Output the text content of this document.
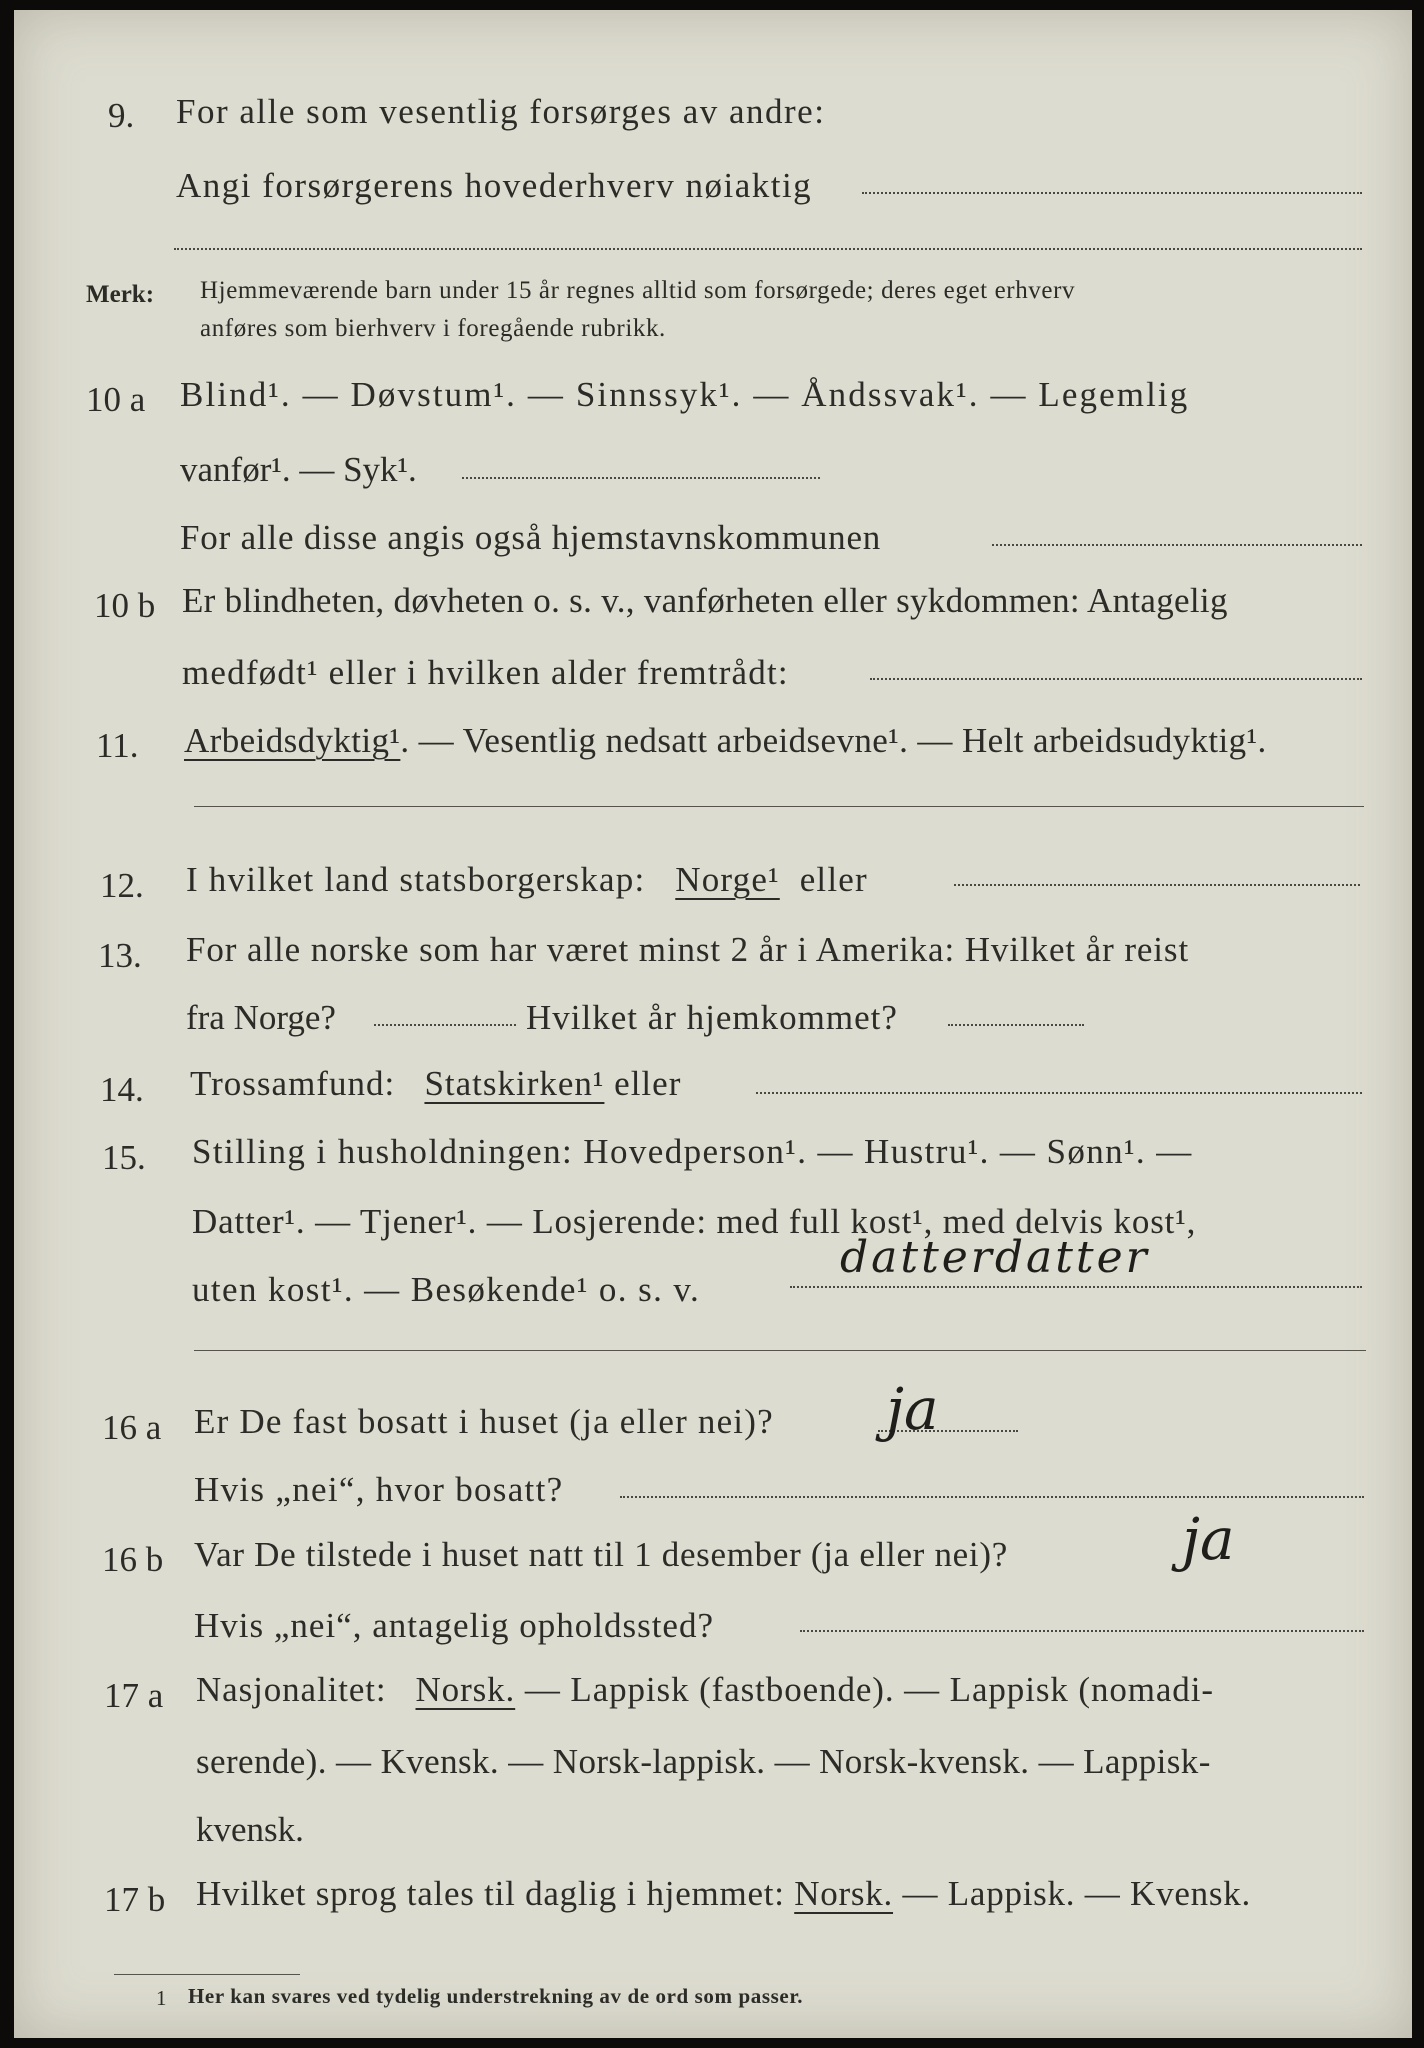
9. For alle som vesentlig forsørges av andre:
Angi forsørgerens hovederhverv nøiaktig
Merk: Hjemmeværende barn under 15 år regnes alltid som forsørgede; deres eget erhverv
anføres som bierhverv i foregående rubrikk.
10 a Blind¹. — Døvstum¹. — Sinnssyk¹. — Åndssvak¹. — Legemlig
vanfør¹. — Syk¹.
For alle disse angis også hjemstavnskommunen
10 b Er blindheten, døvheten o. s. v., vanførheten eller sykdommen: Antagelig
medfødt¹ eller i hvilken alder fremtrådt:
11. Arbeidsdyktig¹. — Vesentlig nedsatt arbeidsevne¹. — Helt arbeidsudyktig¹.
12. I hvilket land statsborgerskap: Norge¹ eller
13. For alle norske som har været minst 2 år i Amerika: Hvilket år reist
fra Norge?	Hvilket år hjemkommet?
14. Trossamfund: Statskirken¹ eller
15. Stilling i husholdningen: Hovedperson¹. — Hustru¹. — Sønn¹. —
Datter¹. — Tjener¹. — Losjerende: med full kost¹, med delvis kost¹,
uten kost¹. — Besøkende¹ o. s. v.
datterdatter
16 a Er De fast bosatt i huset (ja eller nei)? ja
Hvis „nei“, hvor bosatt?
16 b Var De tilstede i huset natt til 1 desember (ja eller nei)?	ja
Hvis „nei“, antagelig opholdssted?
17 a Nasjonalitet: Norsk. — Lappisk (fastboende). — Lappisk (nomadi-
serende). — Kvensk. — Norsk-lappisk. — Norsk-kvensk. — Lappisk-
kvensk.
17 b Hvilket sprog tales til daglig i hjemmet: Norsk. — Lappisk. — Kvensk.
1 Her kan svares ved tydelig understrekning av de ord som passer.
